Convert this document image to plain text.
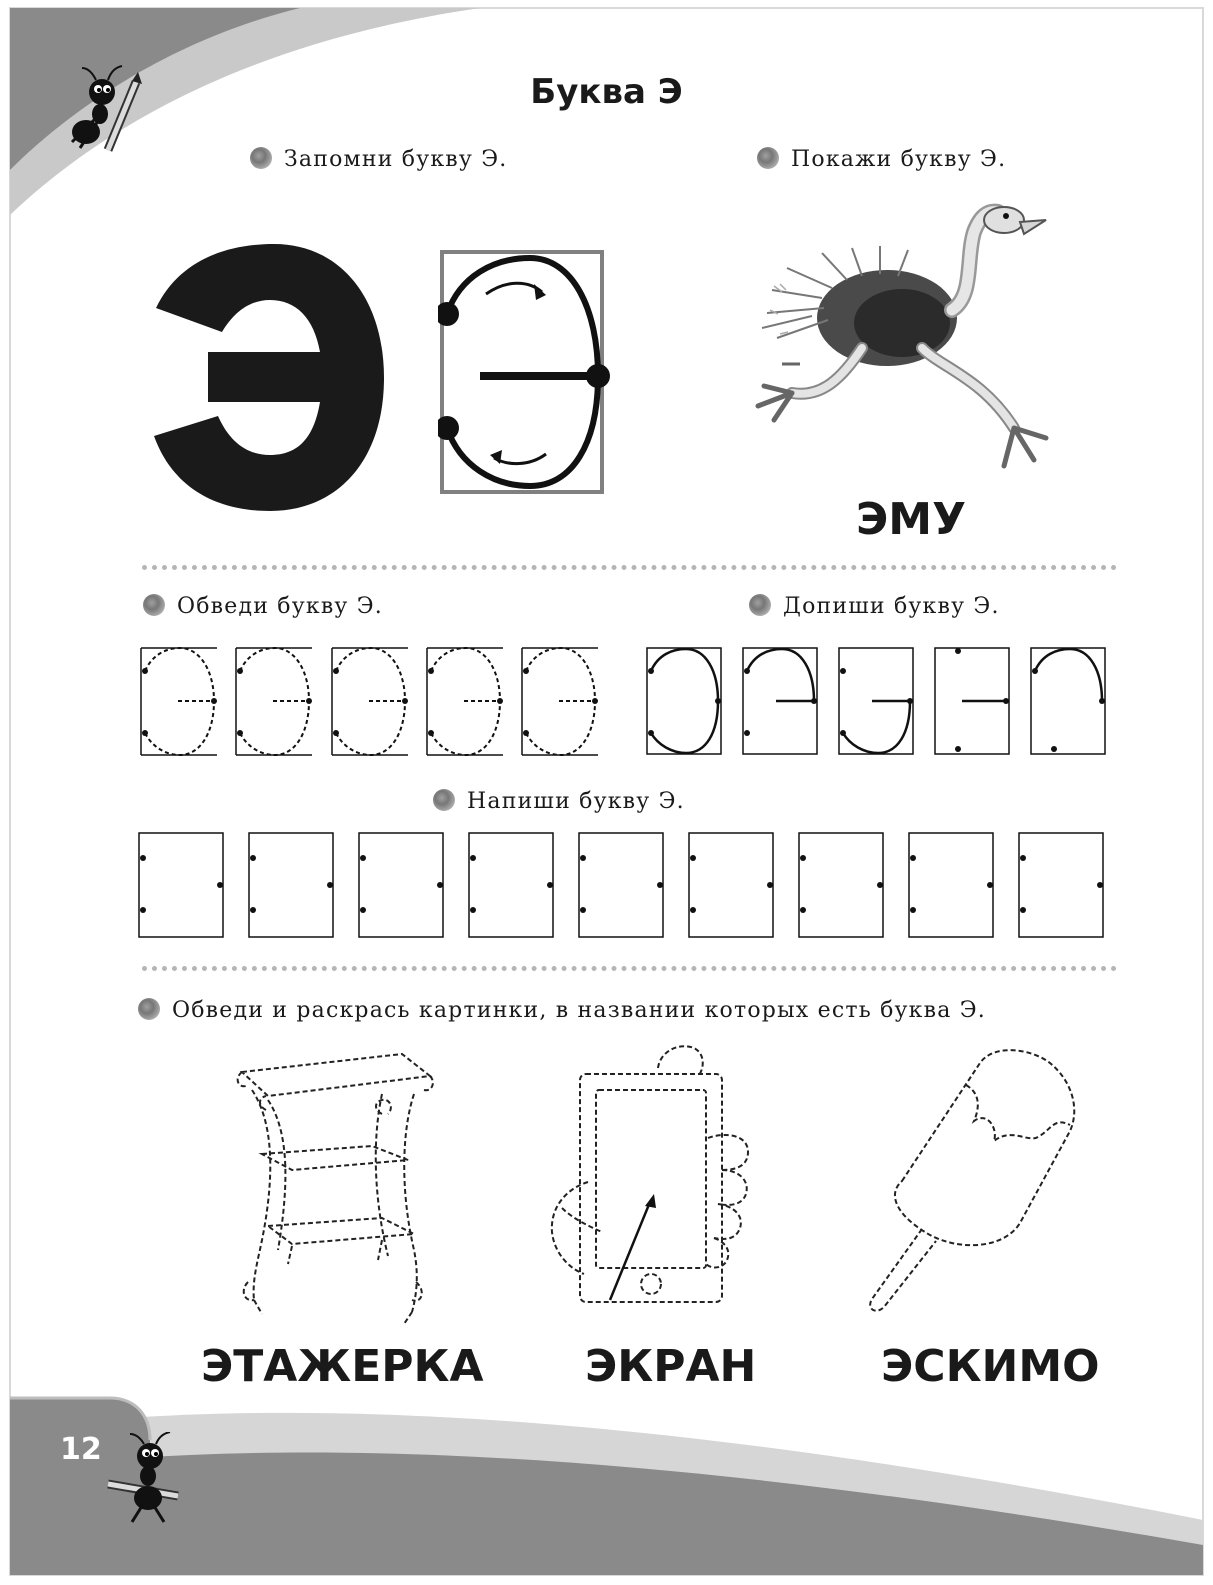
Буква Э
Запомни букву Э.	Покажи букву Э.
ЭМУ
Обведи букву Э.	Допиши букву Э.
Напиши букву Э.
Обведи и раскрась картинки, в названии которых есть буква Э.
ЭТАЖЕРКА ЭКРАН	ЭСКИМО
12
